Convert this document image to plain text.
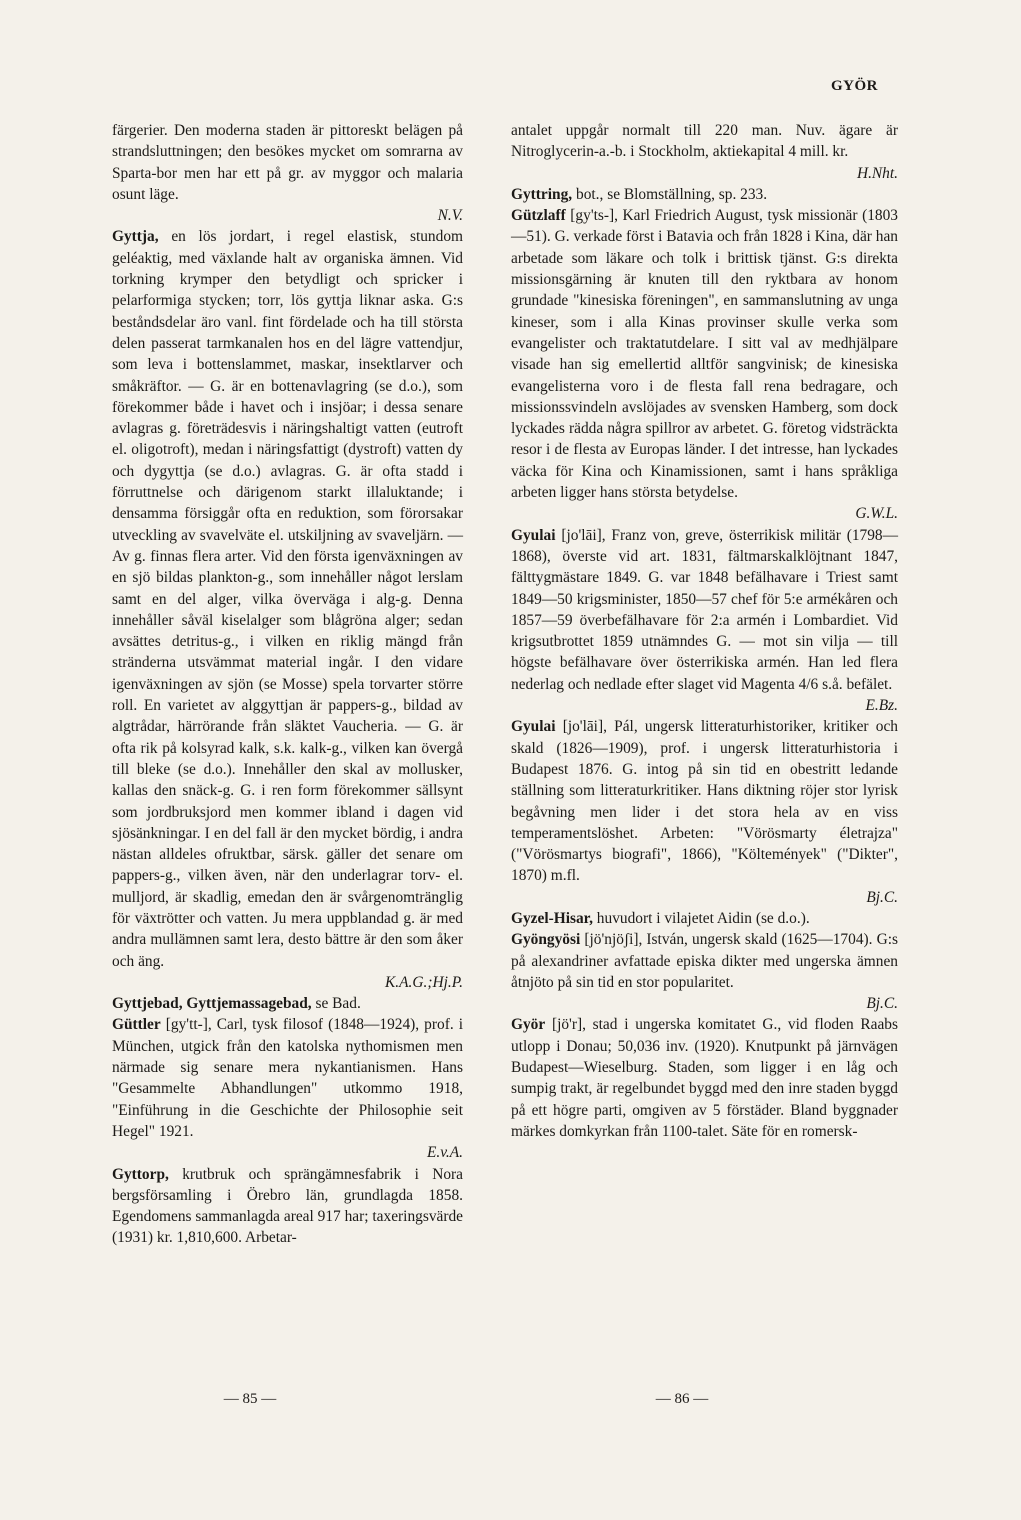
GYÖR

färgerier. Den moderna staden är pittoreskt belägen på strandsluttningen; den besökes mycket om somrarna av Sparta-bor men har ett på gr. av myggor och malaria osunt läge.
N.V.

Gyttja, en lös jordart, i regel elastisk, stundom geléaktig, med växlande halt av organiska ämnen. Vid torkning krymper den betydligt och spricker i pelarformiga stycken; torr, lös gyttja liknar aska. G:s beståndsdelar äro vanl. fint fördelade och ha till största delen passerat tarmkanalen hos en del lägre vattendjur, som leva i bottenslammet, maskar, insektlarver och småkräftor. — G. är en bottenavlagring (se d.o.), som förekommer både i havet och i insjöar; i dessa senare avlagras g. företrädesvis i näringshaltigt vatten (eutroft el. oligotroft), medan i näringsfattigt (dystroft) vatten dy och dygyttja (se d.o.) avlagras. G. är ofta stadd i förruttnelse och därigenom starkt illaluktande; i densamma försiggår ofta en reduktion, som förorsakar utveckling av svavelväte el. utskiljning av svaveljärn. — Av g. finnas flera arter. Vid den första igenväxningen av en sjö bildas plankton-g., som innehåller något lerslam samt en del alger, vilka överväga i alg-g. Denna innehåller såväl kiselalger som blågröna alger; sedan avsättes detritus-g., i vilken en riklig mängd från stränderna utsvämmat material ingår. I den vidare igenväxningen av sjön (se Mosse) spela torvarter större roll. En varietet av alggyttjan är pappers-g., bildad av algtrådar, härrörande från släktet Vaucheria. — G. är ofta rik på kolsyrad kalk, s.k. kalk-g., vilken kan övergå till bleke (se d.o.). Innehåller den skal av mollusker, kallas den snäck-g. G. i ren form förekommer sällsynt som jordbruksjord men kommer ibland i dagen vid sjösänkningar. I en del fall är den mycket bördig, i andra nästan alldeles ofruktbar, särsk. gäller det senare om pappers-g., vilken även, när den underlagrar torv- el. mulljord, är skadlig, emedan den är svårgenomtränglig för växtrötter och vatten. Ju mera uppblandad g. är med andra mullämnen samt lera, desto bättre är den som åker och äng.
K.A.G.;Hj.P.

Gyttjebad, Gyttjemassagebad, se Bad.

Güttler [gy'tt-], Carl, tysk filosof (1848—1924), prof. i München, utgick från den katolska nythomismen men närmade sig senare mera nykantianismen. Hans "Gesammelte Abhandlungen" utkommo 1918, "Einführung in die Geschichte der Philosophie seit Hegel" 1921.
E.v.A.

Gyttorp, krutbruk och sprängämnesfabrik i Nora bergsförsamling i Örebro län, grundlagda 1858. Egendomens sammanlagda areal 917 har; taxeringsvärde (1931) kr. 1,810,600. Arbetar-

antalet uppgår normalt till 220 man. Nuv. ägare är Nitroglycerin-a.-b. i Stockholm, aktiekapital 4 mill. kr.
H.Nht.

Gyttring, bot., se Blomställning, sp. 233.

Gützlaff [gy'ts-], Karl Friedrich August, tysk missionär (1803—51). G. verkade först i Batavia och från 1828 i Kina, där han arbetade som läkare och tolk i brittisk tjänst. G:s direkta missionsgärning är knuten till den ryktbara av honom grundade "kinesiska föreningen", en sammanslutning av unga kineser, som i alla Kinas provinser skulle verka som evangelister och traktatutdelare. I sitt val av medhjälpare visade han sig emellertid alltför sangvinisk; de kinesiska evangelisterna voro i de flesta fall rena bedragare, och missionssvindeln avslöjades av svensken Hamberg, som dock lyckades rädda några spillror av arbetet. G. företog vidsträckta resor i de flesta av Europas länder. I det intresse, han lyckades väcka för Kina och Kinamissionen, samt i hans språkliga arbeten ligger hans största betydelse.
G.W.L.

Gyulai [jo'lāi], Franz von, greve, österrikisk militär (1798—1868), överste vid art. 1831, fältmarskalklöjtnant 1847, fälttygmästare 1849. G. var 1848 befälhavare i Triest samt 1849—50 krigsminister, 1850—57 chef för 5:e armékåren och 1857—59 överbefälhavare för 2:a armén i Lombardiet. Vid krigsutbrottet 1859 utnämndes G. — mot sin vilja — till högste befälhavare över österrikiska armén. Han led flera nederlag och nedlade efter slaget vid Magenta 4/6 s.å. befälet.
E.Bz.

Gyulai [jo'lāi], Pál, ungersk litteraturhistoriker, kritiker och skald (1826—1909), prof. i ungersk litteraturhistoria i Budapest 1876. G. intog på sin tid en obestritt ledande ställning som litteraturkritiker. Hans diktning röjer stor lyrisk begåvning men lider i det stora hela av en viss temperamentslöshet. Arbeten: "Vörösmarty életrajza" ("Vörösmartys biografi", 1866), "Költemények" ("Dikter", 1870) m.fl.
Bj.C.

Gyzel-Hisar, huvudort i vilajetet Aidin (se d.o.).

Gyöngyösi [jö'njöʃi], István, ungersk skald (1625—1704). G:s på alexandriner avfattade episka dikter med ungerska ämnen åtnjöto på sin tid en stor popularitet.
Bj.C.

Györ [jö'r], stad i ungerska komitatet G., vid floden Raabs utlopp i Donau; 50,036 inv. (1920). Knutpunkt på järnvägen Budapest—Wieselburg. Staden, som ligger i en låg och sumpig trakt, är regelbundet byggd med den inre staden byggd på ett högre parti, omgiven av 5 förstäder. Bland byggnader märkes domkyrkan från 1100-talet. Säte för en romersk-

— 85 —	— 86 —
